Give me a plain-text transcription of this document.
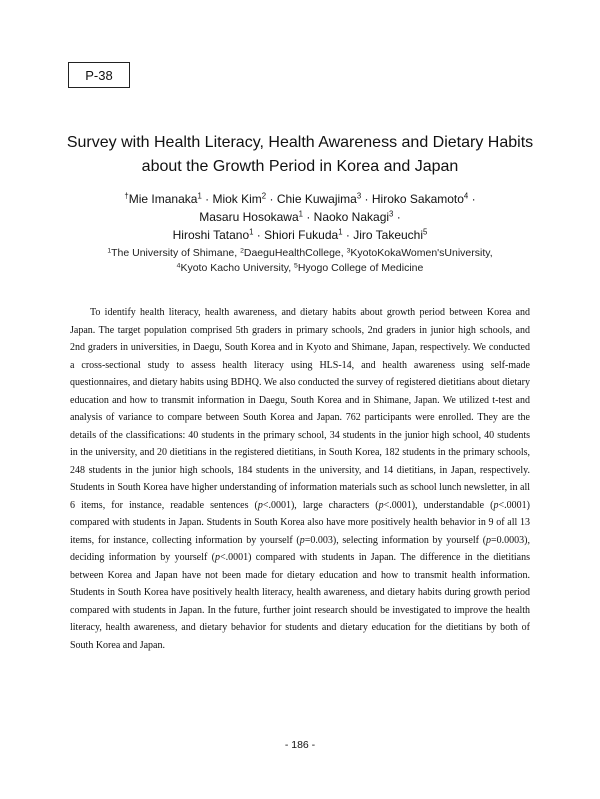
P-38
Survey with Health Literacy, Health Awareness and Dietary Habits
about the Growth Period in Korea and Japan

†Mie Imanaka$^1$ · Miok Kim$^2$ · Chie Kuwajima$^3$ · Hiroko Sakamoto$^4$ ·
Masaru Hosokawa$^1$ · Naoko Nakagi$^3$ ·
Hiroshi Tatano$^1$ · Shiori Fukuda$^1$ · Jiro Takeuchi$^5$

$^1$The University of Shimane, $^2$DaeguHealthCollege, $^3$KyotoKokaWomen'sUniversity,
$^4$Kyoto Kacho University, $^5$Hyogo College of Medicine

To identify health literacy, health awareness, and dietary habits about growth period between Korea and Japan. The target population comprised 5th graders in primary schools, 2nd graders in junior high schools, and 2nd graders in universities, in Daegu, South Korea and in Kyoto and Shimane, Japan, respectively. We conducted a cross-sectional study to assess health literacy using HLS-14, and health awareness using self-made questionnaires, and dietary habits using BDHQ. We also conducted the survey of registered dietitians about dietary education and how to transmit information in Daegu, South Korea and in Shimane, Japan. We utilized t-test and analysis of variance to compare between South Korea and Japan. 762 participants were enrolled. They are the details of the classifications: 40 students in the primary school, 34 students in the junior high school, 40 students in the university, and 20 dietitians in the registered dietitians, in South Korea, 182 students in the primary schools, 248 students in the junior high schools, 184 students in the university, and 14 dietitians, in Japan, respectively. Students in South Korea have higher understanding of information materials such as school lunch newsletter, in all 6 items, for instance, readable sentences (p<.0001), large characters (p<.0001), understandable (p<.0001) compared with students in Japan. Students in South Korea also have more positively health behavior in 9 of all 13 items, for instance, collecting information by yourself (p=0.003), selecting information by yourself (p=0.0003), deciding information by yourself (p<.0001) compared with students in Japan. The difference in the dietitians between Korea and Japan have not been made for dietary education and how to transmit health information. Students in South Korea have positively health literacy, health awareness, and dietary habits during growth period compared with students in Japan. In the future, further joint research should be investigated to improve the health literacy, health awareness, and dietary behavior for students and dietary education for the dietitians by both of South Korea and Japan.

- 186 -
